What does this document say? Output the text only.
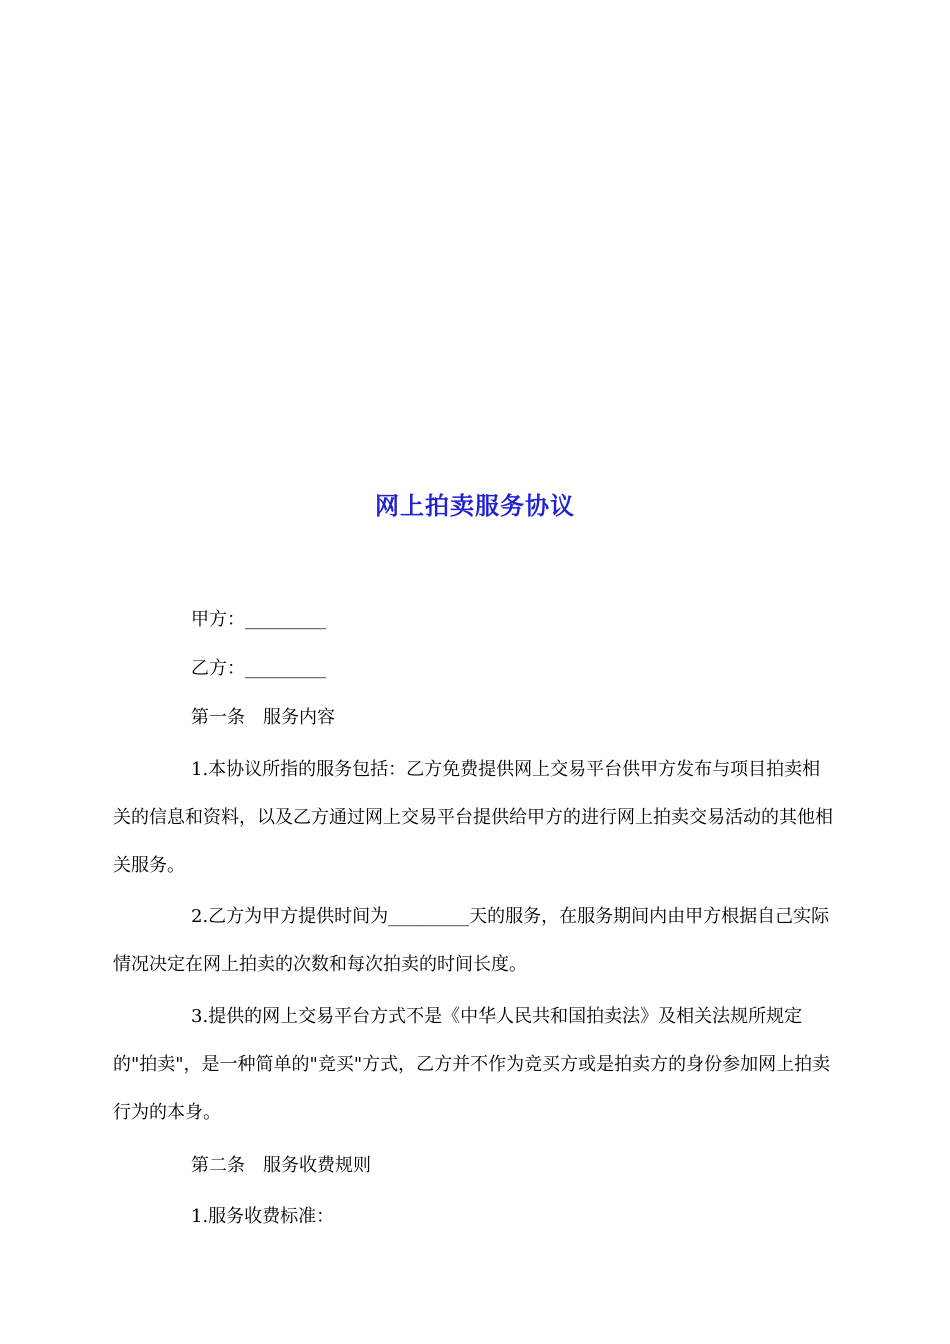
网上拍卖服务协议

甲方：_________

乙方：_________

第一条　服务内容

1.本协议所指的服务包括：乙方免费提供网上交易平台供甲方发布与项目拍卖相关的信息和资料，以及乙方通过网上交易平台提供给甲方的进行网上拍卖交易活动的其他相关服务。

2.乙方为甲方提供时间为_________天的服务，在服务期间内由甲方根据自己实际情况决定在网上拍卖的次数和每次拍卖的时间长度。

3.提供的网上交易平台方式不是《中华人民共和国拍卖法》及相关法规所规定的"拍卖"，是一种简单的"竞买"方式，乙方并不作为竞买方或是拍卖方的身份参加网上拍卖行为的本身。

第二条　服务收费规则

1.服务收费标准：
